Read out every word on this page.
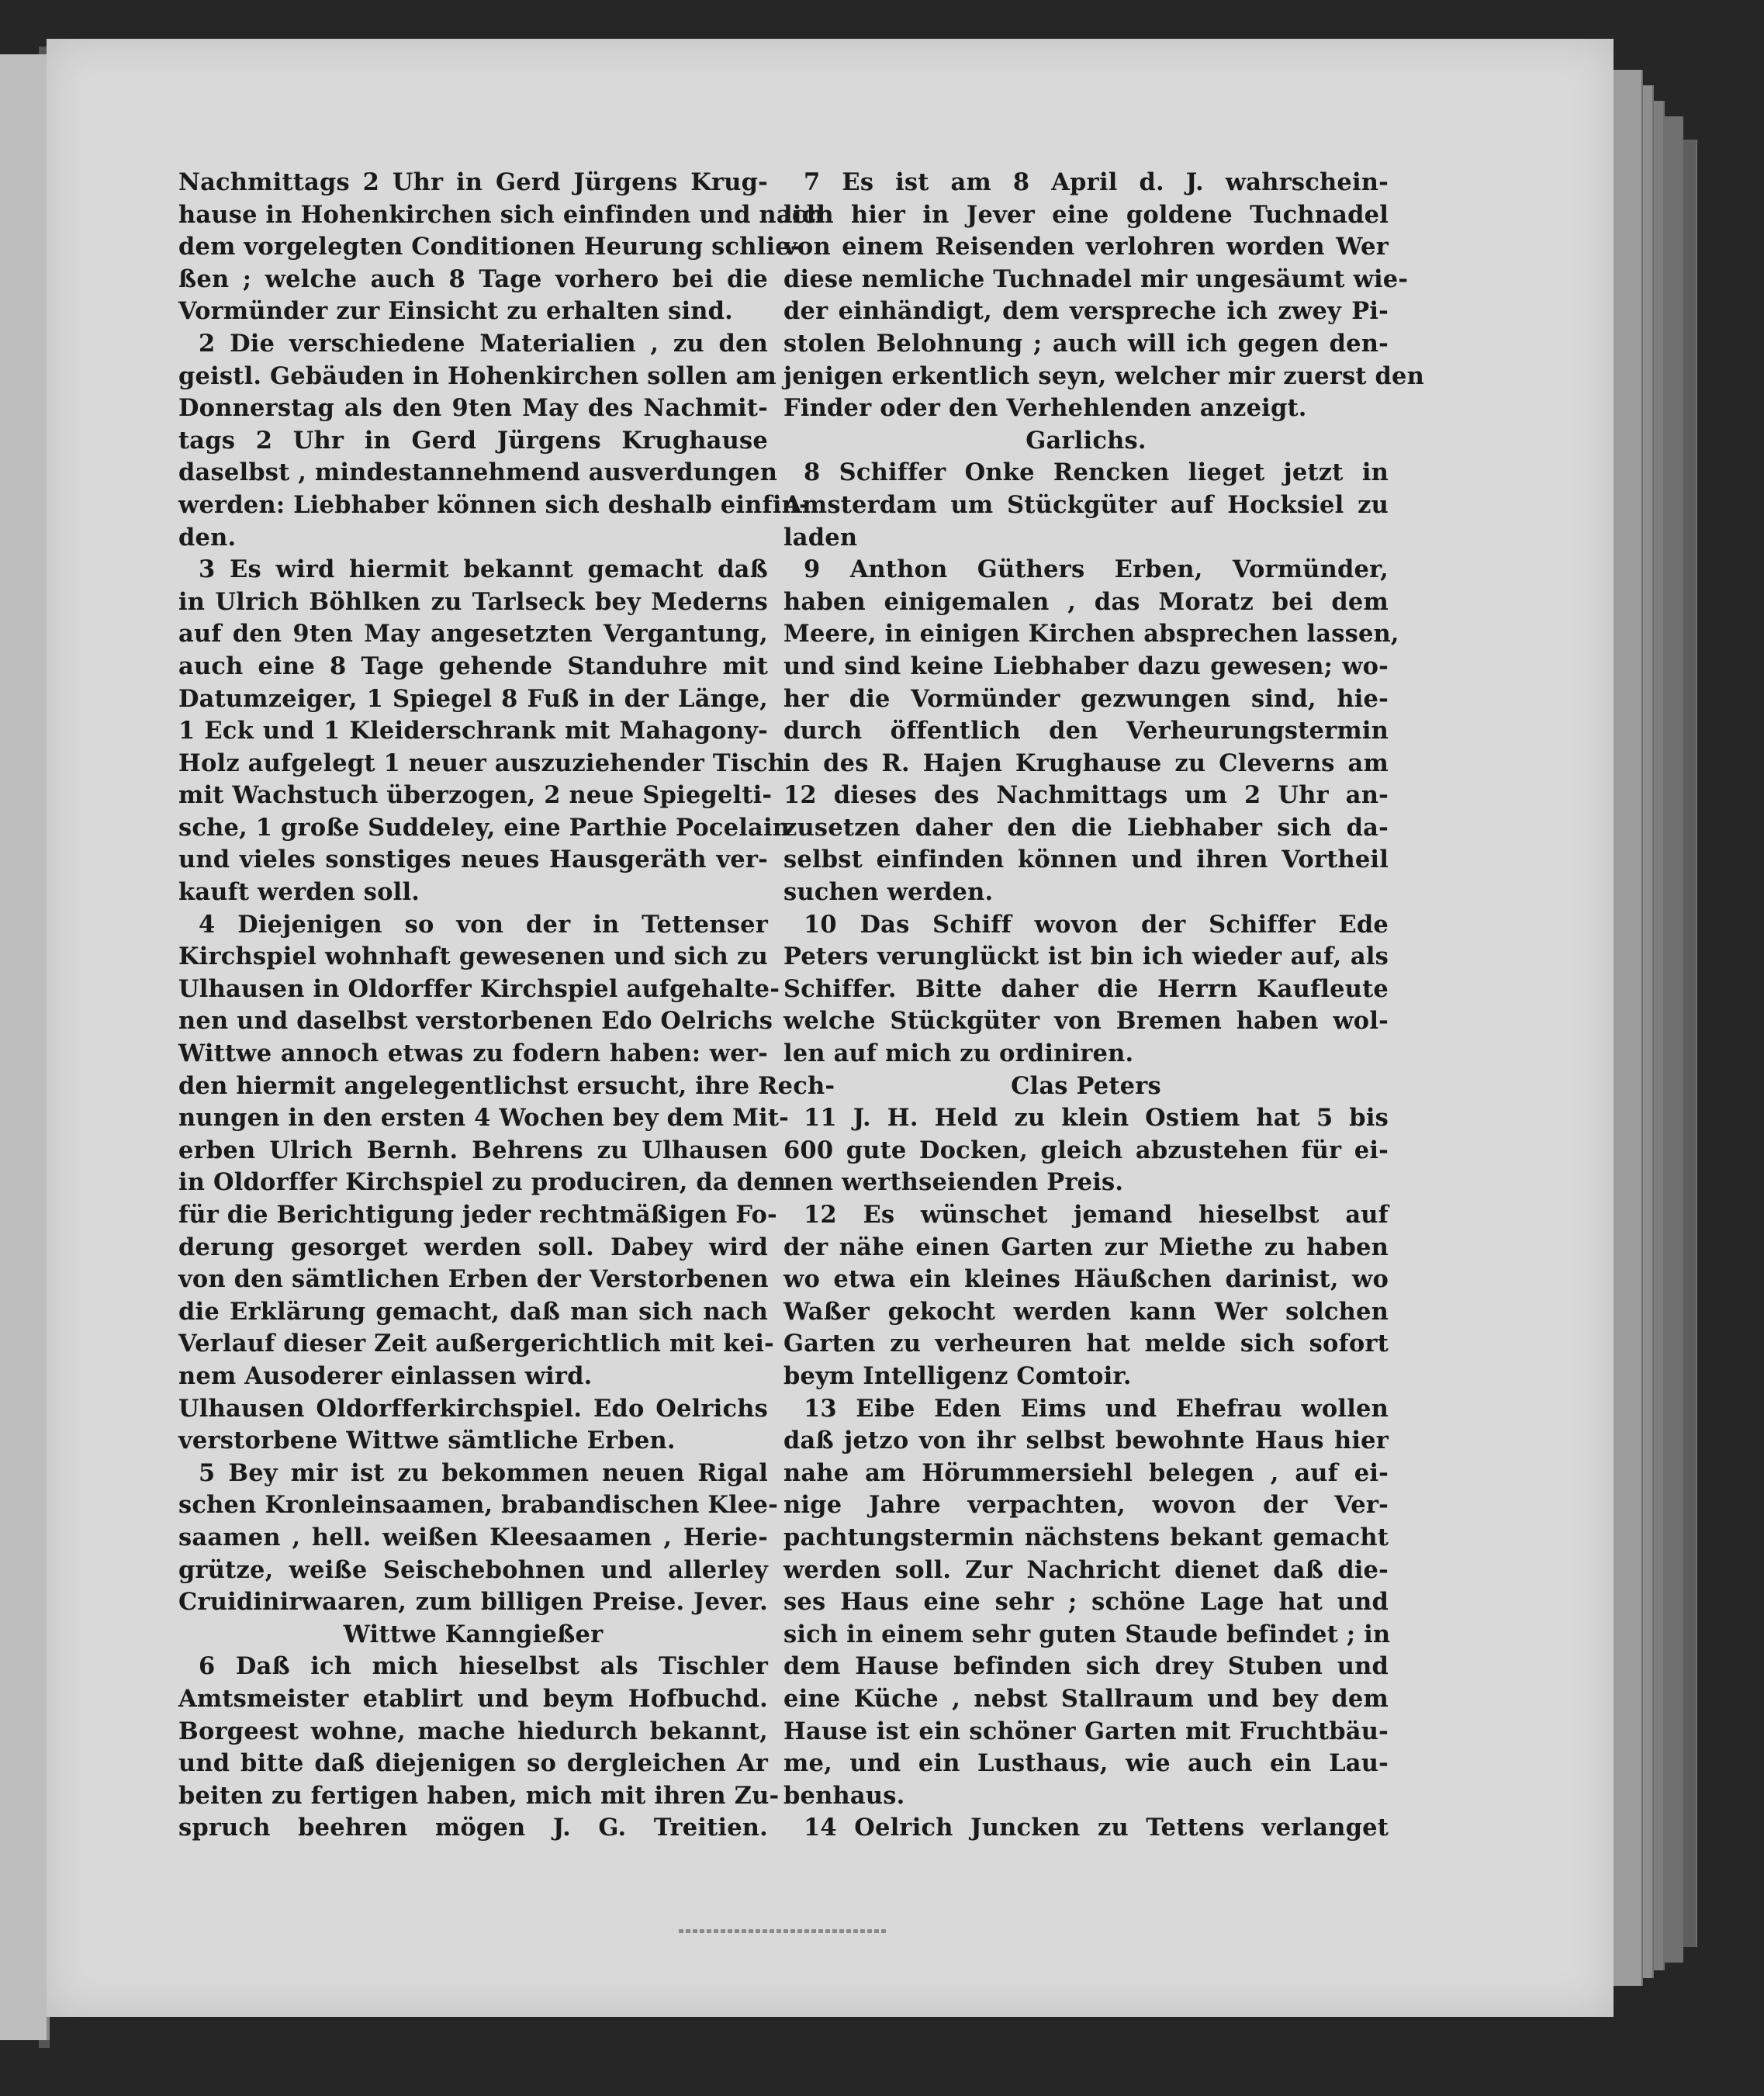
Nachmittags 2 Uhr in Gerd Jürgens Krug-
hause in Hohenkirchen sich einfinden und nach
dem vorgelegten Conditionen Heurung schlie-
ßen ; welche auch 8 Tage vorhero bei die
Vormünder zur Einsicht zu erhalten sind.
2 Die verschiedene Materialien , zu den
geistl. Gebäuden in Hohenkirchen sollen am
Donnerstag als den 9ten May des Nachmit-
tags 2 Uhr in Gerd Jürgens Krughause
daselbst , mindestannehmend ausverdungen
werden: Liebhaber können sich deshalb einfin-
den.
3 Es wird hiermit bekannt gemacht daß
in Ulrich Böhlken zu Tarlseck bey Mederns
auf den 9ten May angesetzten Vergantung,
auch eine 8 Tage gehende Standuhre mit
Datumzeiger, 1 Spiegel 8 Fuß in der Länge,
1 Eck und 1 Kleiderschrank mit Mahagony-
Holz aufgelegt 1 neuer auszuziehender Tisch
mit Wachstuch überzogen, 2 neue Spiegelti-
sche, 1 große Suddeley, eine Parthie Pocelain
und vieles sonstiges neues Hausgeräth ver-
kauft werden soll.
4 Diejenigen so von der in Tettenser
Kirchspiel wohnhaft gewesenen und sich zu
Ulhausen in Oldorffer Kirchspiel aufgehalte-
nen und daselbst verstorbenen Edo Oelrichs
Wittwe annoch etwas zu fodern haben: wer-
den hiermit angelegentlichst ersucht, ihre Rech-
nungen in den ersten 4 Wochen bey dem Mit-
erben Ulrich Bernh. Behrens zu Ulhausen
in Oldorffer Kirchspiel zu produciren, da den
für die Berichtigung jeder rechtmäßigen Fo-
derung gesorget werden soll. Dabey wird
von den sämtlichen Erben der Verstorbenen
die Erklärung gemacht, daß man sich nach
Verlauf dieser Zeit außergerichtlich mit kei-
nem Ausoderer einlassen wird.
Ulhausen Oldorfferkirchspiel. Edo Oelrichs
verstorbene Wittwe sämtliche Erben.
5 Bey mir ist zu bekommen neuen Rigal
schen Kronleinsaamen, brabandischen Klee-
saamen , hell. weißen Kleesaamen , Herie-
grütze, weiße Seischebohnen und allerley
Cruidinirwaaren, zum billigen Preise. Jever.
Wittwe Kanngießer
6 Daß ich mich hieselbst als Tischler
Amtsmeister etablirt und beym Hofbuchd.
Borgeest wohne, mache hiedurch bekannt,
und bitte daß diejenigen so dergleichen Ar
beiten zu fertigen haben, mich mit ihren Zu-
spruch beehren mögen J. G. Treitien.
7 Es ist am 8 April d. J. wahrschein-
lich hier in Jever eine goldene Tuchnadel
von einem Reisenden verlohren worden Wer
diese nemliche Tuchnadel mir ungesäumt wie-
der einhändigt, dem verspreche ich zwey Pi-
stolen Belohnung ; auch will ich gegen den-
jenigen erkentlich seyn, welcher mir zuerst den
Finder oder den Verhehlenden anzeigt.
Garlichs.
8 Schiffer Onke Rencken lieget jetzt in
Amsterdam um Stückgüter auf Hocksiel zu
laden
9 Anthon Güthers Erben, Vormünder,
haben einigemalen , das Moratz bei dem
Meere, in einigen Kirchen absprechen lassen,
und sind keine Liebhaber dazu gewesen; wo-
her die Vormünder gezwungen sind, hie-
durch öffentlich den Verheurungstermin
in des R. Hajen Krughause zu Cleverns am
12 dieses des Nachmittags um 2 Uhr an-
zusetzen daher den die Liebhaber sich da-
selbst einfinden können und ihren Vortheil
suchen werden.
10 Das Schiff wovon der Schiffer Ede
Peters verunglückt ist bin ich wieder auf, als
Schiffer. Bitte daher die Herrn Kaufleute
welche Stückgüter von Bremen haben wol-
len auf mich zu ordiniren.
Clas Peters
11 J. H. Held zu klein Ostiem hat 5 bis
600 gute Docken, gleich abzustehen für ei-
nen werthseienden Preis.
12 Es wünschet jemand hieselbst auf
der nähe einen Garten zur Miethe zu haben
wo etwa ein kleines Häußchen darinist, wo
Waßer gekocht werden kann Wer solchen
Garten zu verheuren hat melde sich sofort
beym Intelligenz Comtoir.
13 Eibe Eden Eims und Ehefrau wollen
daß jetzo von ihr selbst bewohnte Haus hier
nahe am Hörummersiehl belegen , auf ei-
nige Jahre verpachten, wovon der Ver-
pachtungstermin nächstens bekant gemacht
werden soll. Zur Nachricht dienet daß die-
ses Haus eine sehr ; schöne Lage hat und
sich in einem sehr guten Staude befindet ; in
dem Hause befinden sich drey Stuben und
eine Küche , nebst Stallraum und bey dem
Hause ist ein schöner Garten mit Fruchtbäu-
me, und ein Lusthaus, wie auch ein Lau-
benhaus.
14 Oelrich Juncken zu Tettens verlanget
